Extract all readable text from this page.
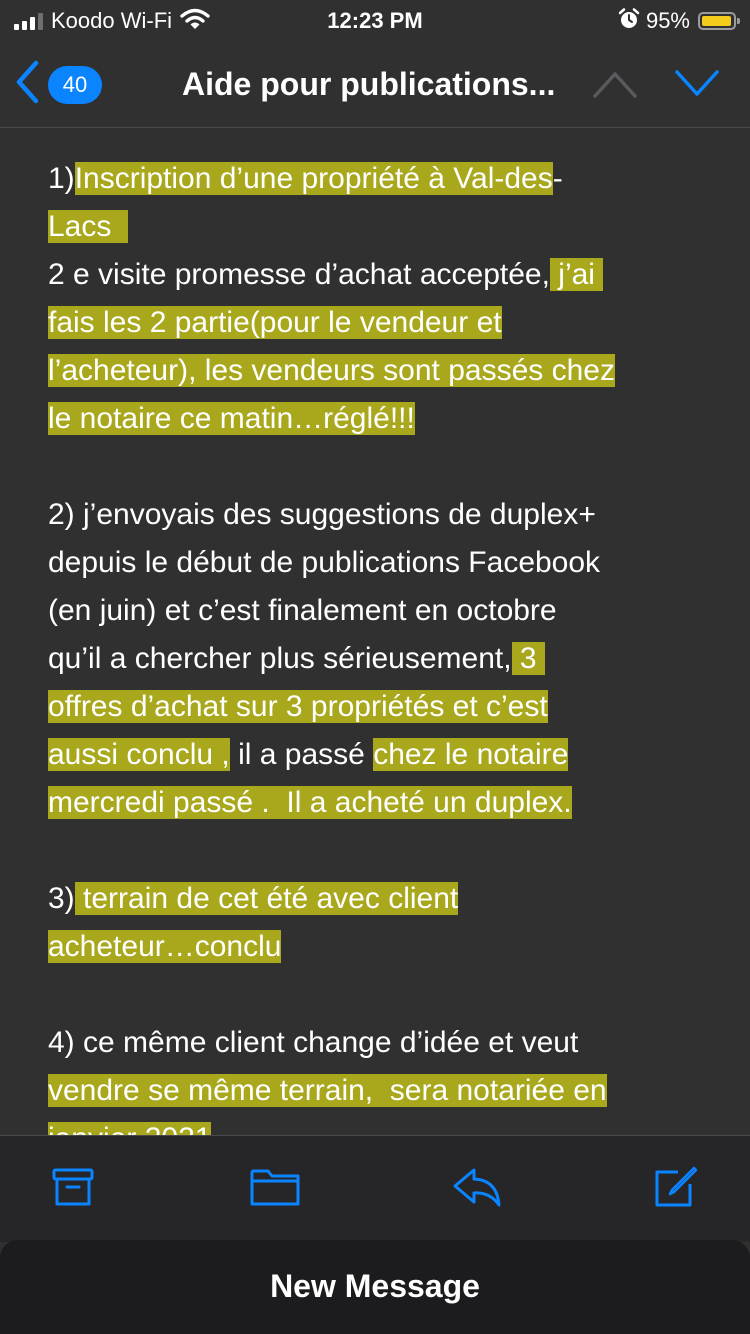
Koodo Wi-Fi	12:23 PM	95%
40	Aide pour publications...
1)Inscription d’une propriété à Val-des-
Lacs
2 e visite promesse d’achat acceptée, j’ai
fais les 2 partie(pour le vendeur et
l’acheteur), les vendeurs sont passés chez
le notaire ce matin…réglé!!!
2) j’envoyais des suggestions de duplex+
depuis le début de publications Facebook
(en juin) et c’est finalement en octobre
qu’il a chercher plus sérieusement, 3
offres d’achat sur 3 propriétés et c’est
aussi conclu , il a passé chez le notaire
mercredi passé .  Il a acheté un duplex.
3) terrain de cet été avec client
acheteur…conclu
4) ce même client change d’idée et veut
vendre se même terrain,  sera notariée en
New Message
